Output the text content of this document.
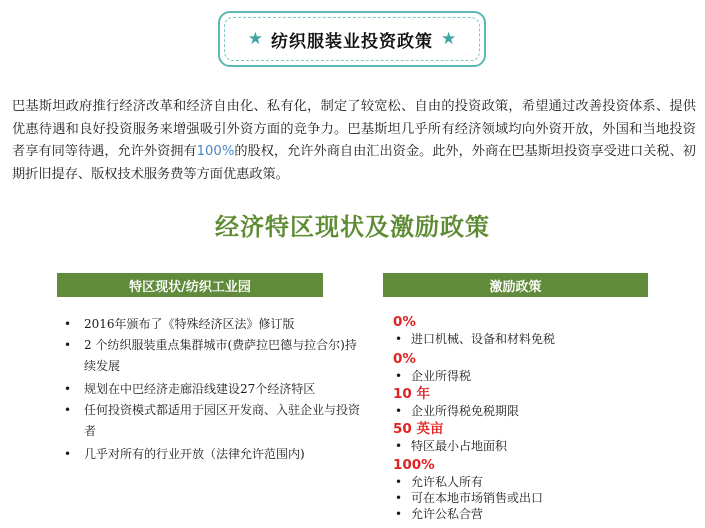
★ 纺织服装业投资政策 ★

巴基斯坦政府推行经济改革和经济自由化、私有化，制定了较宽松、自由的投资政策，希望通过改善投资体系、提供优惠待遇和良好投资服务来增强吸引外资方面的竞争力。巴基斯坦几乎所有经济领域均向外资开放，外国和当地投资者享有同等待遇，允许外资拥有100%的股权，允许外商自由汇出资金。此外，外商在巴基斯坦投资享受进口关税、初期折旧提存、版权技术服务费等方面优惠政策。

经济特区现状及激励政策
特区现状/纺织工业园
• 2016年颁布了《特殊经济区法》修订版
• 2 个纺织服装重点集群城市(费萨拉巴德与拉合尔)持续发展
• 规划在中巴经济走廊沿线建设27个经济特区
• 任何投资模式都适用于园区开发商、入驻企业与投资者
• 几乎对所有的行业开放（法律允许范围内)
激励政策
0%
• 进口机械、设备和材料免税
0%
• 企业所得税
10 年
• 企业所得税免税期限
50 英亩
• 特区最小占地面积
100%
• 允许私人所有
• 可在本地市场销售或出口
• 允许公私合营
